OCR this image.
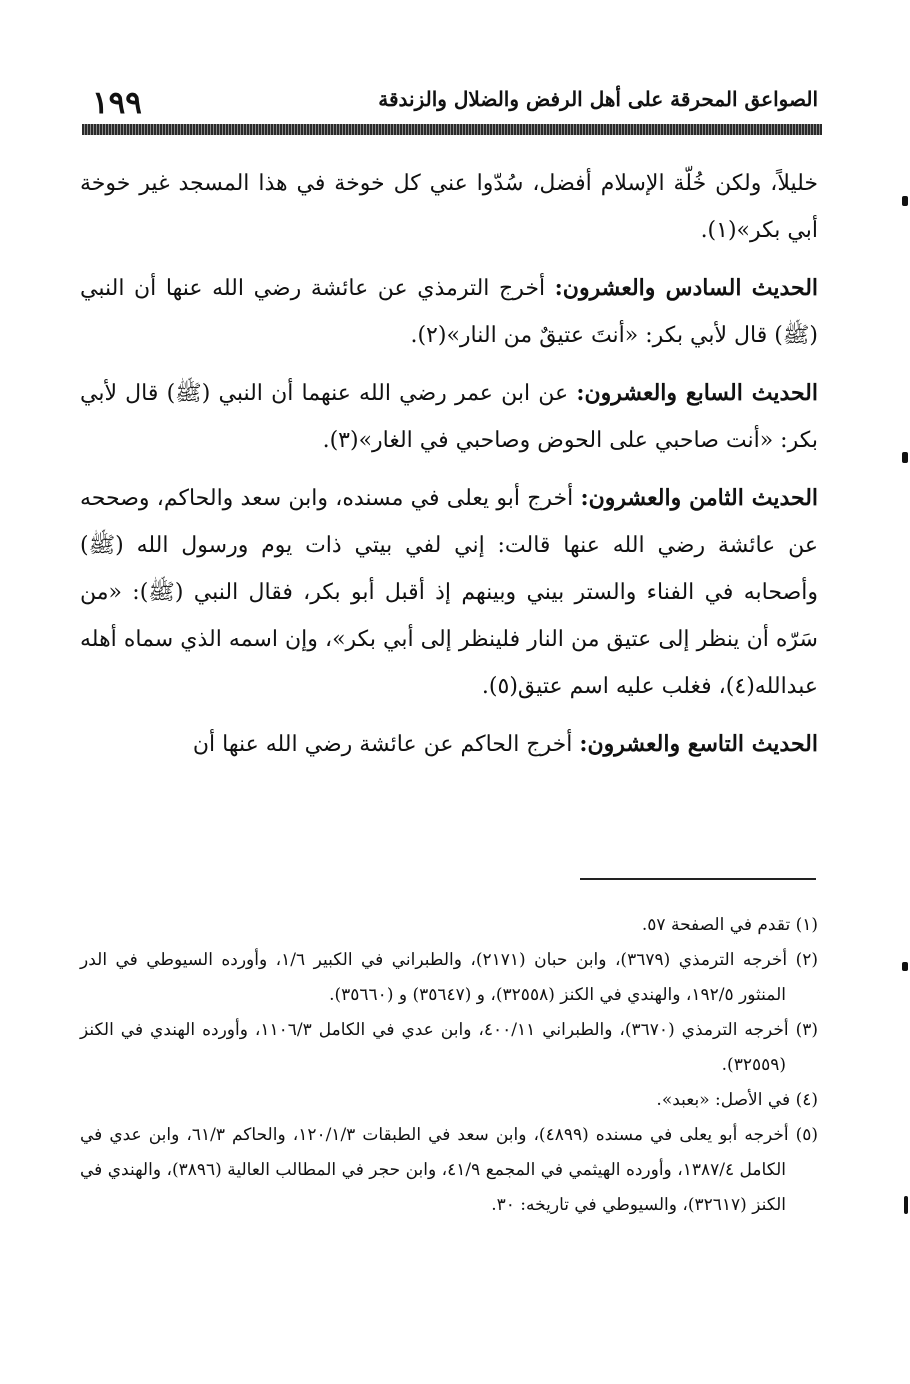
١٩٩	الصواعق المحرقة على أهل الرفض والضلال والزندقة

خليلاً، ولكن خُلّة الإسلام أفضل، سُدّوا عني كل خوخة في هذا المسجد غير خوخة أبي بكر»(١).

الحديث السادس والعشرون: أخرج الترمذي عن عائشة رضي الله عنها أن النبي (ﷺ) قال لأبي بكر: «أنتَ عتيقٌ من النار»(٢).

الحديث السابع والعشرون: عن ابن عمر رضي الله عنهما أن النبي (ﷺ) قال لأبي بكر: «أنت صاحبي على الحوض وصاحبي في الغار»(٣).

الحديث الثامن والعشرون: أخرج أبو يعلى في مسنده، وابن سعد والحاكم، وصححه عن عائشة رضي الله عنها قالت: إني لفي بيتي ذات يوم ورسول الله (ﷺ) وأصحابه في الفناء والستر بيني وبينهم إذ أقبل أبو بكر، فقال النبي (ﷺ): «من سَرّه أن ينظر إلى عتيق من النار فلينظر إلى أبي بكر»، وإن اسمه الذي سماه أهله عبدالله(٤)، فغلب عليه اسم عتيق(٥).

الحديث التاسع والعشرون: أخرج الحاكم عن عائشة رضي الله عنها أن

(١) تقدم في الصفحة ٥٧.

(٢) أخرجه الترمذي (٣٦٧٩)، وابن حبان (٢١٧١)، والطبراني في الكبير ١/٦، وأورده السيوطي في الدر المنثور ١٩٢/٥، والهندي في الكنز (٣٢٥٥٨)، و (٣٥٦٤٧) و (٣٥٦٦٠).

(٣) أخرجه الترمذي (٣٦٧٠)، والطبراني ٤٠٠/١١، وابن عدي في الكامل ١١٠٦/٣، وأورده الهندي في الكنز (٣٢٥٥٩).

(٤) في الأصل: «بعبد».

(٥) أخرجه أبو يعلى في مسنده (٤٨٩٩)، وابن سعد في الطبقات ١٢٠/١/٣، والحاكم ٦١/٣، وابن عدي في الكامل ١٣٨٧/٤، وأورده الهيثمي في المجمع ٤١/٩، وابن حجر في المطالب العالية (٣٨٩٦)، والهندي في الكنز (٣٢٦١٧)، والسيوطي في تاريخه: ٣٠.
